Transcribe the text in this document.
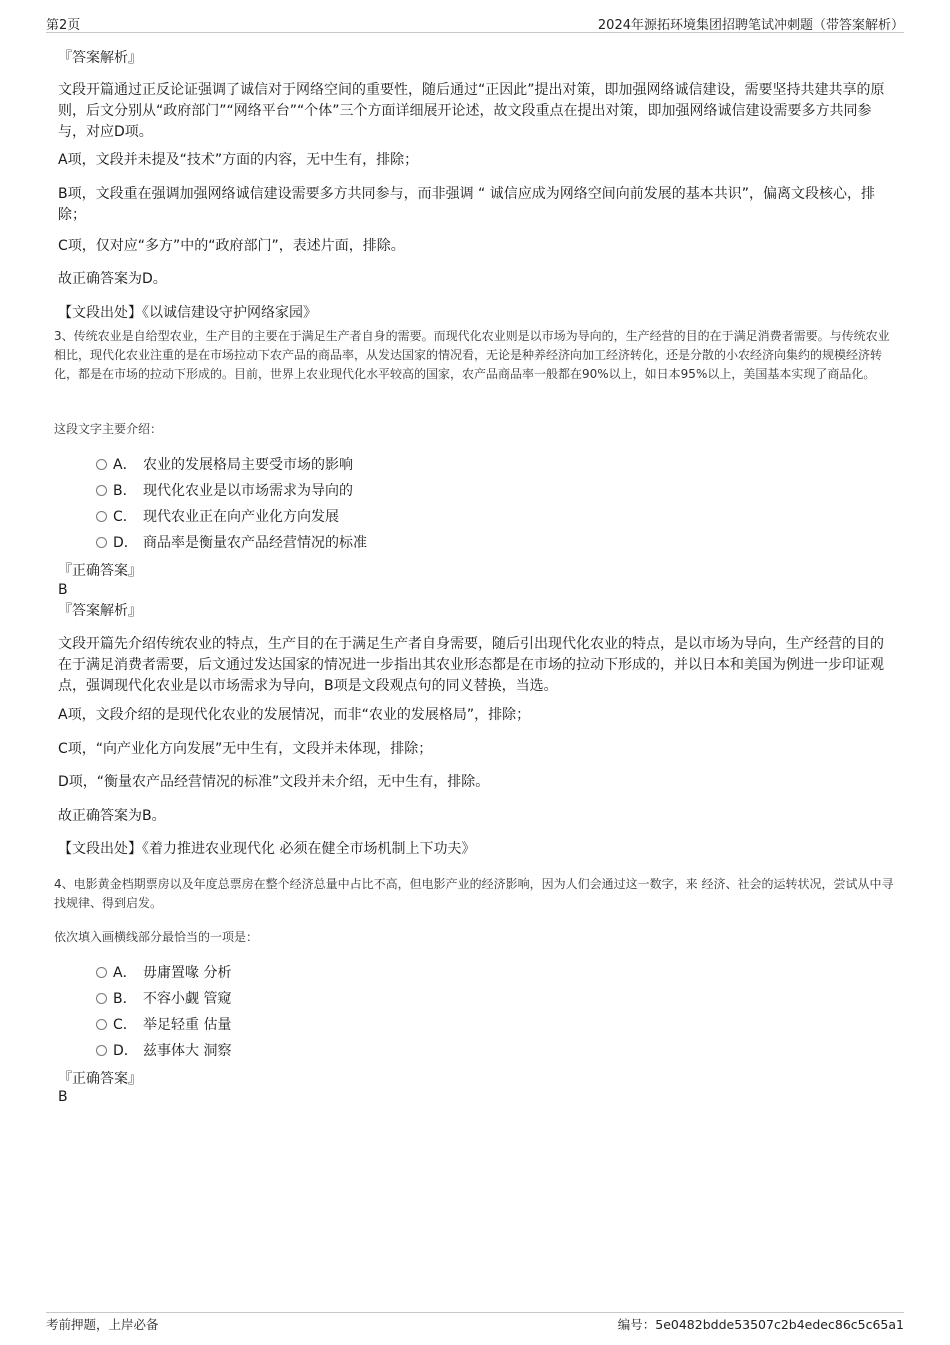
第2页	2024年源拓环境集团招聘笔试冲刺题（带答案解析）
『答案解析』
文段开篇通过正反论证强调了诚信对于网络空间的重要性，随后通过“正因此”提出对策，即加强网络诚信建设，需要坚持共建共享的原则，后文分别从“政府部门”“网络平台”“个体”三个方面详细展开论述，故文段重点在提出对策，即加强网络诚信建设需要多方共同参与，对应D项。
A项，文段并未提及“技术”方面的内容，无中生有，排除；
B项，文段重在强调加强网络诚信建设需要多方共同参与，而非强调 “ 诚信应成为网络空间向前发展的基本共识”，偏离文段核心，排除；
C项，仅对应“多方”中的“政府部门”，表述片面，排除。
故正确答案为D。
【文段出处】《以诚信建设守护网络家园》
3、传统农业是自给型农业，生产目的主要在于满足生产者自身的需要。而现代化农业则是以市场为导向的，生产经营的目的在于满足消费者需要。与传统农业相比，现代化农业注重的是在市场拉动下农产品的商品率，从发达国家的情况看，无论是种养经济向加工经济转化，还是分散的小农经济向集约的规模经济转化，都是在市场的拉动下形成的。目前，世界上农业现代化水平较高的国家，农产品商品率一般都在90%以上，如日本95%以上，美国基本实现了商品化。
这段文字主要介绍：
A． 农业的发展格局主要受市场的影响
B． 现代化农业是以市场需求为导向的
C． 现代农业正在向产业化方向发展
D． 商品率是衡量农产品经营情况的标准
『正确答案』
B
『答案解析』
文段开篇先介绍传统农业的特点，生产目的在于满足生产者自身需要，随后引出现代化农业的特点，是以市场为导向，生产经营的目的在于满足消费者需要，后文通过发达国家的情况进一步指出其农业形态都是在市场的拉动下形成的，并以日本和美国为例进一步印证观点，强调现代化农业是以市场需求为导向，B项是文段观点句的同义替换，当选。
A项，文段介绍的是现代化农业的发展情况，而非“农业的发展格局”，排除；
C项，“向产业化方向发展”无中生有，文段并未体现，排除；
D项，“衡量农产品经营情况的标准”文段并未介绍，无中生有，排除。
故正确答案为B。
【文段出处】《着力推进农业现代化 必须在健全市场机制上下功夫》
4、电影黄金档期票房以及年度总票房在整个经济总量中占比不高，但电影产业的经济影响，因为人们会通过这一数字，来 经济、社会的运转状况，尝试从中寻找规律、得到启发。
依次填入画横线部分最恰当的一项是：
A． 毋庸置喙 分析
B． 不容小觑 管窥
C． 举足轻重 估量
D． 兹事体大 洞察
『正确答案』
B
考前押题，上岸必备	编号：5e0482bdde53507c2b4edec86c5c65a1
